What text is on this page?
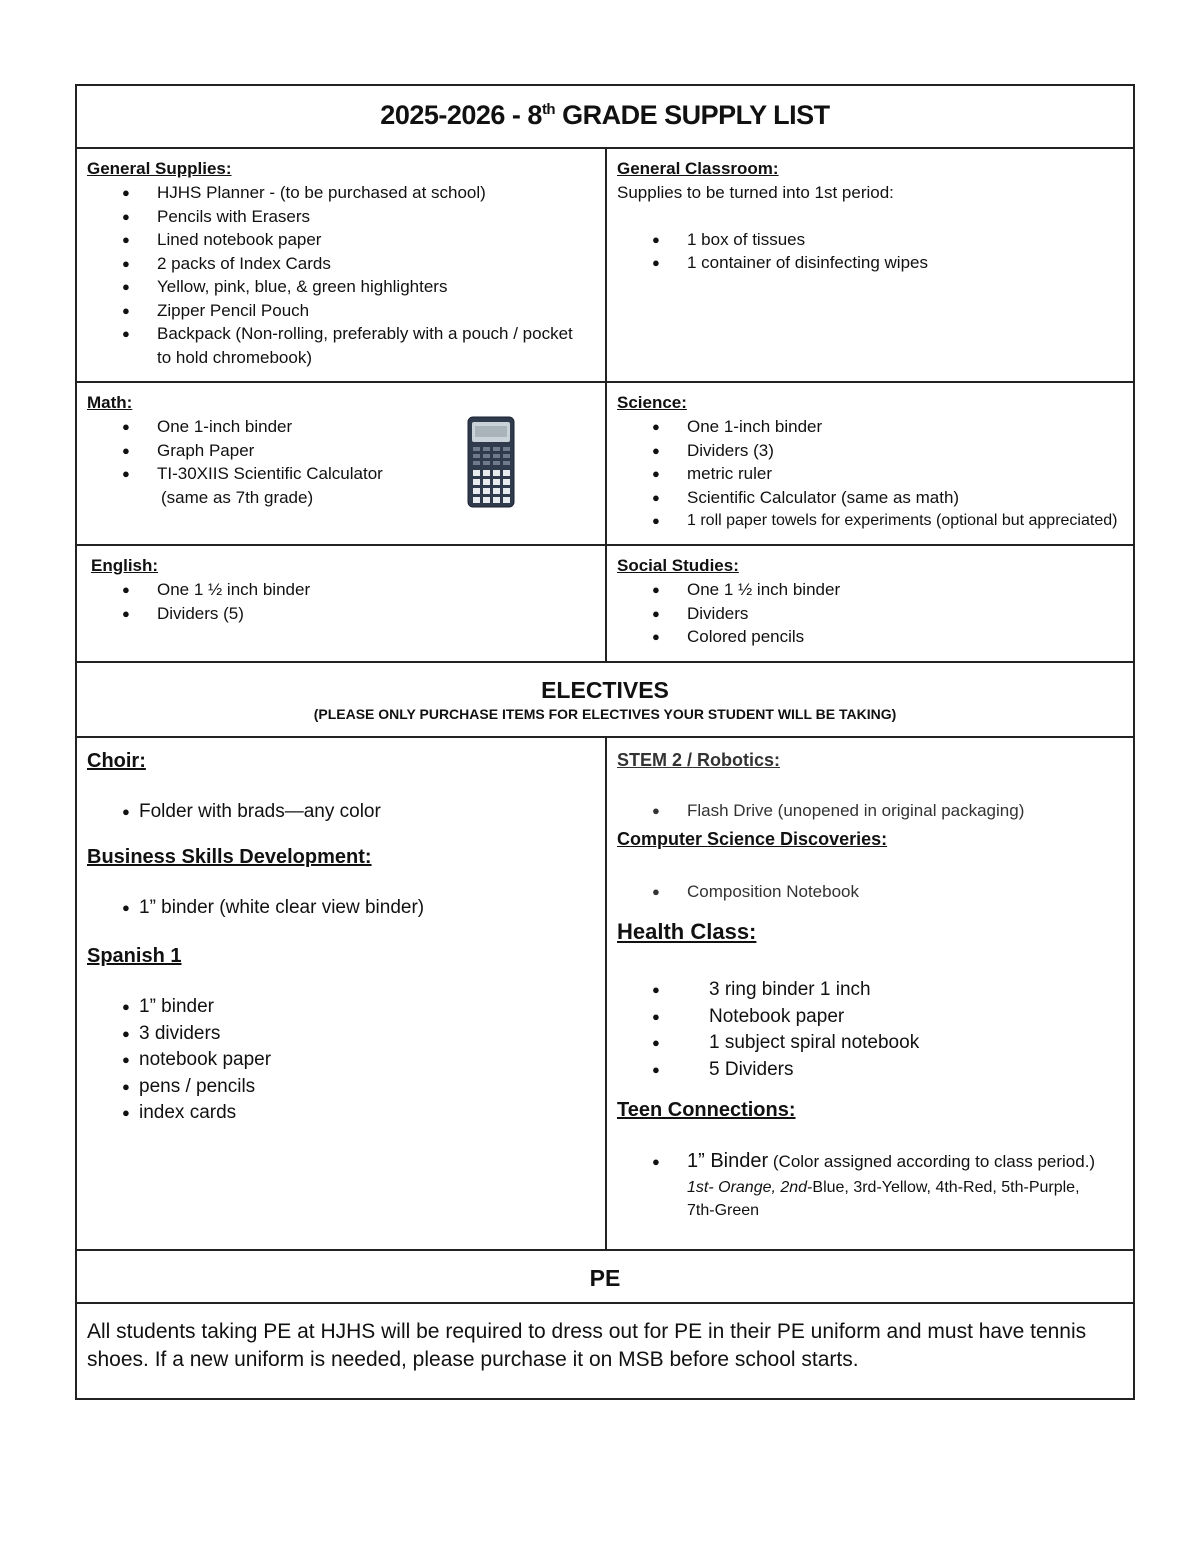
2025-2026 - 8th GRADE SUPPLY LIST
General Supplies:
● HJHS Planner - (to be purchased at school)
● Pencils with Erasers
● Lined notebook paper
● 2 packs of Index Cards
● Yellow, pink, blue, & green highlighters
● Zipper Pencil Pouch
● Backpack (Non-rolling, preferably with a pouch / pocket to hold chromebook)
General Classroom:
Supplies to be turned into 1st period:
● 1 box of tissues
● 1 container of disinfecting wipes
Math:
● One 1-inch binder
● Graph Paper
● TI-30XIIS Scientific Calculator
(same as 7th grade)
Science:
● One 1-inch binder
● Dividers (3)
● metric ruler
● Scientific Calculator (same as math)
● 1 roll paper towels for experiments (optional but appreciated)
English:
● One 1 ½ inch binder
● Dividers (5)
Social Studies:
● One 1 ½ inch binder
● Dividers
● Colored pencils
ELECTIVES
(PLEASE ONLY PURCHASE ITEMS FOR ELECTIVES YOUR STUDENT WILL BE TAKING)
Choir:
● Folder with brads—any color
Business Skills Development:
● 1” binder (white clear view binder)
Spanish 1
● 1” binder
● 3 dividers
● notebook paper
● pens / pencils
● index cards
STEM 2 / Robotics:
● Flash Drive (unopened in original packaging)
Computer Science Discoveries:
● Composition Notebook
Health Class:
● 3 ring binder 1 inch
● Notebook paper
● 1 subject spiral notebook
● 5 Dividers
Teen Connections:
● 1” Binder (Color assigned according to class period.)
1st- Orange, 2nd-Blue, 3rd-Yellow, 4th-Red, 5th-Purple, 7th-Green
PE
All students taking PE at HJHS will be required to dress out for PE in their PE uniform and must have tennis shoes. If a new uniform is needed, please purchase it on MSB before school starts.
